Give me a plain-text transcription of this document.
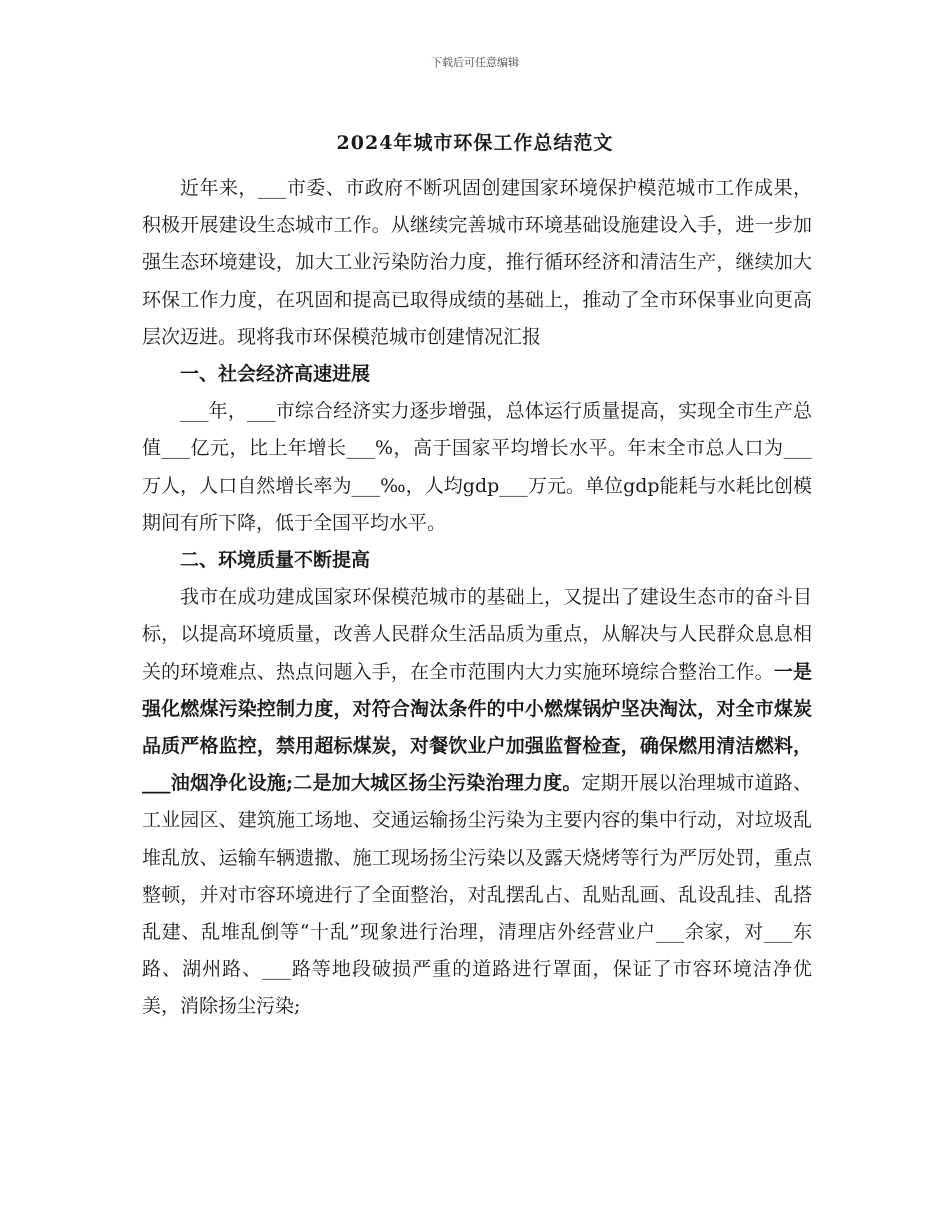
下载后可任意编辑
2024年城市环保工作总结范文

近年来，___市委、市政府不断巩固创建国家环境保护模范城市工作成果，积极开展建设生态城市工作。从继续完善城市环境基础设施建设入手，进一步加强生态环境建设，加大工业污染防治力度，推行循环经济和清洁生产，继续加大环保工作力度，在巩固和提高已取得成绩的基础上，推动了全市环保事业向更高层次迈进。现将我市环保模范城市创建情况汇报

一、社会经济高速进展

___年，___市综合经济实力逐步增强，总体运行质量提高，实现全市生产总值___亿元，比上年增长___%，高于国家平均增长水平。年末全市总人口为___万人，人口自然增长率为___‰，人均gdp___万元。单位gdp能耗与水耗比创模期间有所下降，低于全国平均水平。

二、环境质量不断提高

我市在成功建成国家环保模范城市的基础上，又提出了建设生态市的奋斗目标，以提高环境质量，改善人民群众生活品质为重点，从解决与人民群众息息相关的环境难点、热点问题入手，在全市范围内大力实施环境综合整治工作。一是强化燃煤污染控制力度，对符合淘汰条件的中小燃煤锅炉坚决淘汰，对全市煤炭品质严格监控，禁用超标煤炭，对餐饮业户加强监督检查，确保燃用清洁燃料，___油烟净化设施;二是加大城区扬尘污染治理力度。定期开展以治理城市道路、工业园区、建筑施工场地、交通运输扬尘污染为主要内容的集中行动，对垃圾乱堆乱放、运输车辆遗撒、施工现场扬尘污染以及露天烧烤等行为严厉处罚，重点整顿，并对市容环境进行了全面整治，对乱摆乱占、乱贴乱画、乱设乱挂、乱搭乱建、乱堆乱倒等“十乱”现象进行治理，清理店外经营业户___余家，对___东路、湖州路、___路等地段破损严重的道路进行罩面，保证了市容环境洁净优美，消除扬尘污染;
